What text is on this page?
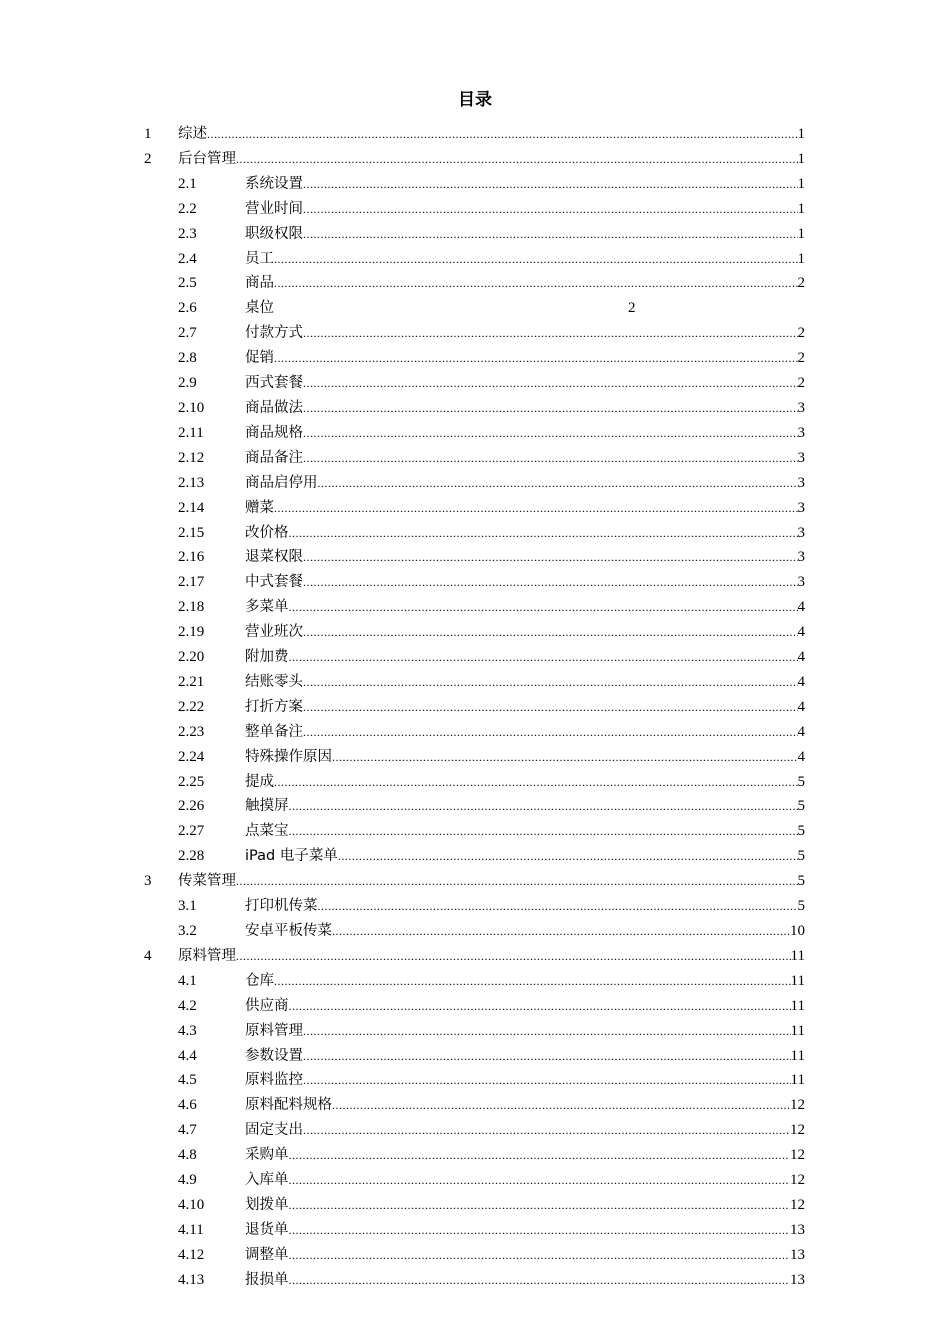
目录
1 综述 .....	1
2 后台管理 .....	1
2.1	系统设置 .....	1
2.2	营业时间 .....	1
2.3	职级权限 .....	1
2.4	员工 .....	1
2.5	商品 .....	2
2.6	桌位	2
2.7	付款方式 .....	2
2.8	促销 .....	2
2.9	西式套餐 .....	2
2.10	商品做法 .....	3
2.11	商品规格 .....	3
2.12	商品备注 .....	3
2.13	商品启停用 .....	3
2.14	赠菜 .....	3
2.15	改价格 .....	3
2.16	退菜权限 .....	3
2.17	中式套餐 .....	3
2.18	多菜单 .....	4
2.19	营业班次 .....	4
2.20	附加费 .....	4
2.21	结账零头 .....	4
2.22	打折方案 .....	4
2.23	整单备注 .....	4
2.24	特殊操作原因 .....	4
2.25	提成 .....	5
2.26	触摸屏 .....	5
2.27	点菜宝 .....	5
2.28	iPad 电子菜单 .....	5
3 传菜管理 .....	5
3.1	打印机传菜 .....	5
3.2	安卓平板传菜 .....	10
4 原料管理 .....	11
4.1	仓库 .....	11
4.2	供应商 .....	11
4.3	原料管理 .....	11
4.4	参数设置 .....	11
4.5	原料监控 .....	11
4.6	原料配料规格 .....	12
4.7	固定支出 .....	12
4.8	采购单 .....	12
4.9	入库单 .....	12
4.10	划拨单 .....	12
4.11	退货单 .....	13
4.12	调整单 .....	13
4.13	报损单 .....	13
